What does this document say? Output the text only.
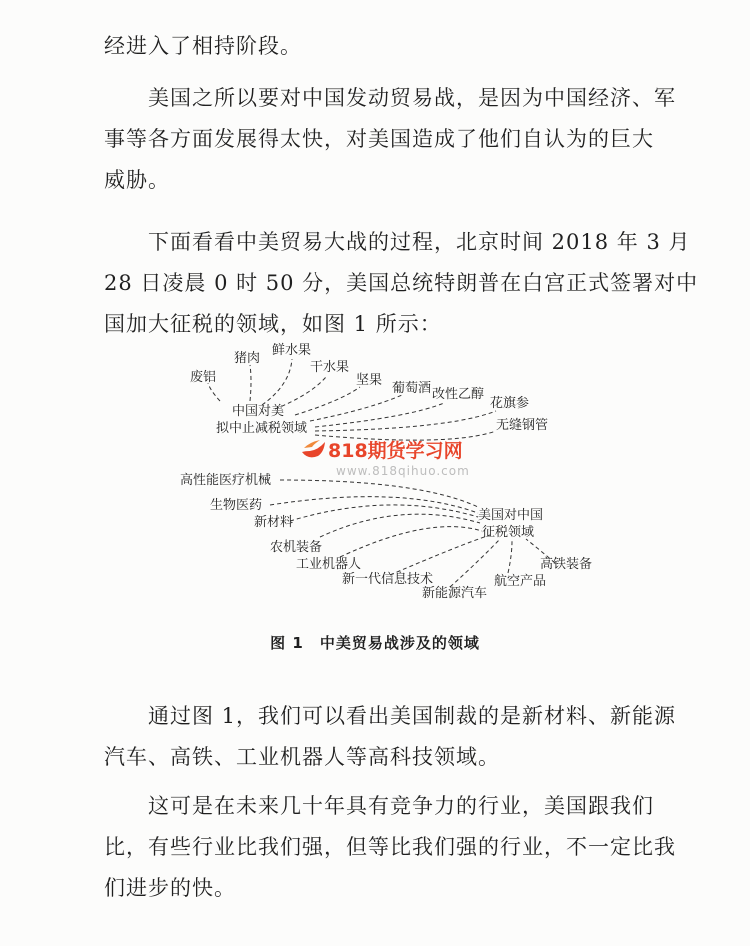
经进入了相持阶段。
美国之所以要对中国发动贸易战，是因为中国经济、军
事等各方面发展得太快，对美国造成了他们自认为的巨大
威胁。
下面看看中美贸易大战的过程，北京时间 2018 年 3 月
28 日凌晨 0 时 50 分，美国总统特朗普在白宫正式签署对中
国加大征税的领域，如图 1 所示：
废铝
猪肉
鲜水果
干水果
坚果
葡萄酒 改性乙醇
花旗参
无缝钢管
中国对美
拟中止减税领域
高性能医疗机械
生物医药
新材料
农机装备
工业机器人
新一代信息技术
新能源汽车
航空产品
高铁装备
美国对中国
征税领域
818期货学习网
www.818qihuo.com
图 1　中美贸易战涉及的领域
通过图 1，我们可以看出美国制裁的是新材料、新能源
汽车、高铁、工业机器人等高科技领域。
这可是在未来几十年具有竞争力的行业，美国跟我们
比，有些行业比我们强，但等比我们强的行业，不一定比我
们进步的快。
